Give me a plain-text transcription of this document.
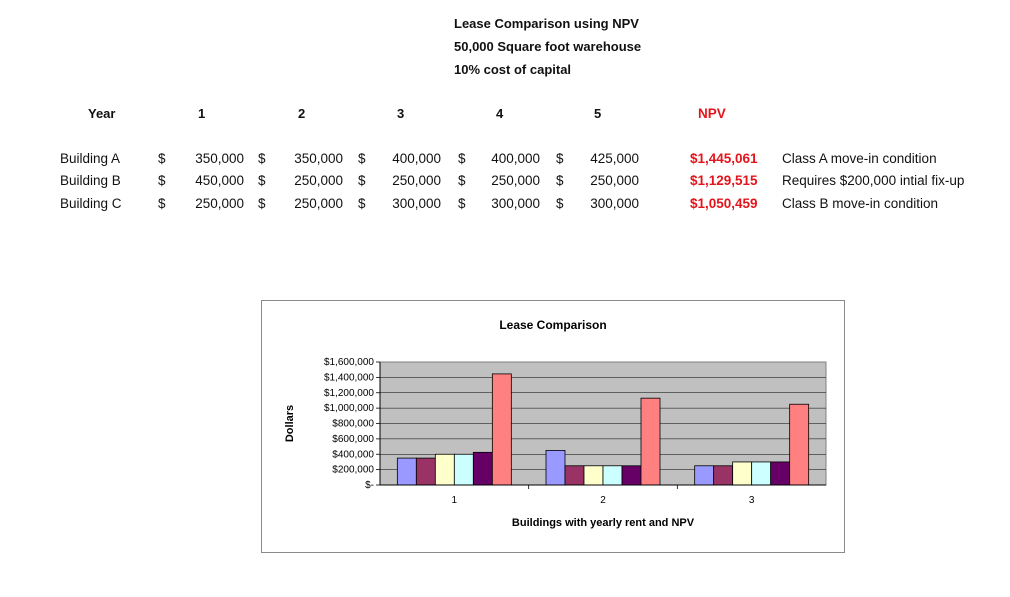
Lease Comparison using NPV
50,000 Square foot warehouse
10% cost of capital
Year	1	2	3	4	5	NPV
Building A	$	350,000 $	350,000 $	400,000 $	400,000 $	425,000	$1,445,061 Class A move-in condition
Building B	$	450,000 $	250,000 $	250,000 $	250,000 $	250,000	$1,129,515 Requires $200,000 intial fix-up
Building C	$	250,000 $	250,000 $	300,000 $	300,000 $	300,000	$1,050,459 Class B move-in condition
Lease Comparison
$-
$200,000
$400,000
$600,000
$800,000
$1,000,000
$1,200,000
$1,400,000
$1,600,000
1	2	3
Buildings with yearly rent and NPV
Dollars
